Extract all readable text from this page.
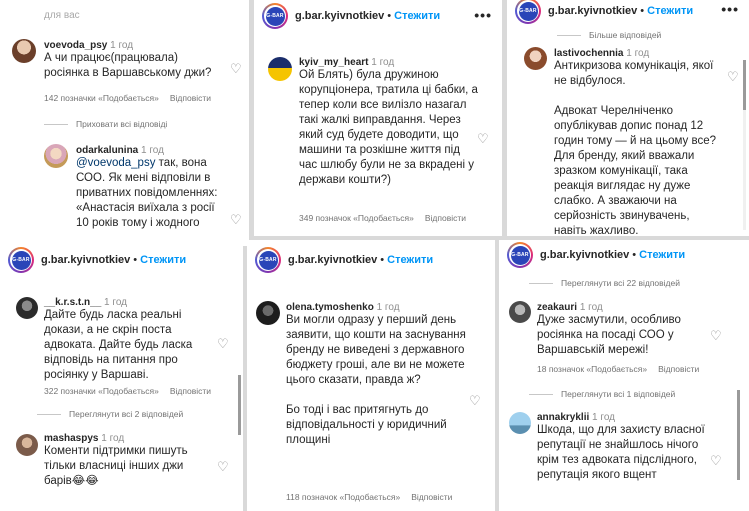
для вас
voevoda_psy 1 год
А чи працює(працювала) росіянка в Варшавському джи?	♡
142 позначки «Подобається» Відповісти
Приховати всі відповіді
odarkalunina 1 год
@voevoda_psy так, вона СОО. Як мені відповіли в приватних повідомленнях: «Анастасія виїхала з росії 10 років тому і жодного	♡
G-BAR g.bar.kyivnotkiev • Стежити •••
kyiv_my_heart 1 год
Ой Блять) була дружиною корупціонера, тратила ці бабки, а тепер коли все вилізло назагал такі жалкі виправдання. Через який суд будете доводити, що машини та розкішне життя під час шлюбу були не за вкрадені у держави кошти?)
♡
349 позначок «Подобається» Відповісти
G-BAR g.bar.kyivnotkiev • Стежити •••
Більше відповідей
lastivochennia 1 год
Антикризова комунікація, якої не відбулося.

Адвокат Черелніченко опублікував допис понад 12 годин тому — й на цьому все? Для бренду, який вважали зразком комунікації, така реакція виглядає ну дуже слабко. А зважаючи на серйозність звинувачень, навіть жахливо.
♡
G-BAR g.bar.kyivnotkiev • Стежити
__k.r.s.t.n__ 1 год
Дайте будь ласка реальні докази, а не скрін поста адвоката. Дайте будь ласка відповідь на питання про росіянку у Варшаві.
♡
322 позначки «Подобається» Відповісти
Переглянути всі 2 відповідей
mashaspys 1 год
Коменти підтримки пишуть тільки власниці інших джи барів😂😂
♡
G-BAR g.bar.kyivnotkiev • Стежити
olena.tymoshenko 1 год
Ви могли одразу у перший день заявити, що кошти на заснування бренду не виведені з державного бюджету гроші, але ви не можете цього сказати, правда ж?

Бо тоді і вас притягнуть до відповідальності у юридичний площині
♡
118 позначок «Подобається» Відповісти
G-BAR g.bar.kyivnotkiev • Стежити
Переглянути всі 22 відповідей
zeakauri 1 год
Дуже засмутили, особливо росіянка на посаді СОО у Варшавській мережі!
♡
18 позначок «Подобається» Відповісти
Переглянути всі 1 відповідей
annakryklii 1 год
Шкода, що для захисту власної репутації не знайшлось нічого крім тез адвоката підслідного, репутація якого вщент
♡
